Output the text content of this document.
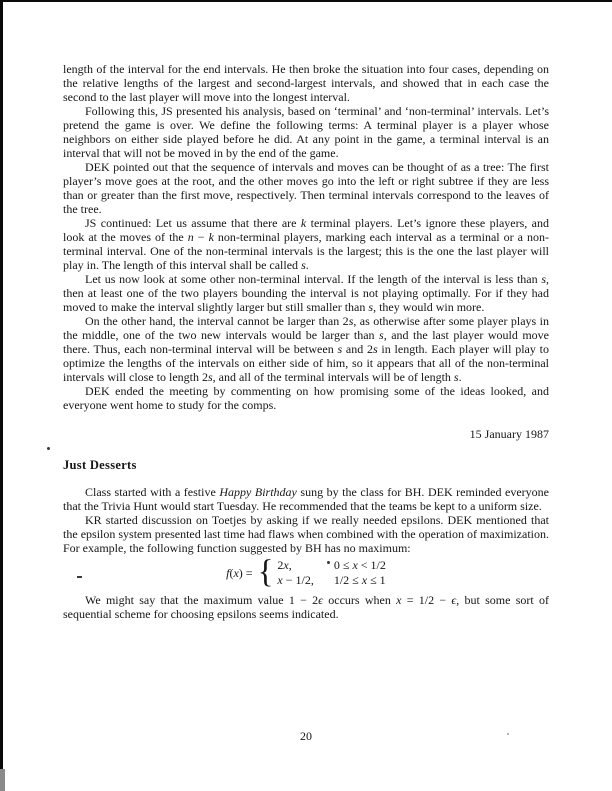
length of the interval for the end intervals. He then broke the situation into four cases, depending on the relative lengths of the largest and second-largest intervals, and showed that in each case the second to the last player will move into the longest interval.

Following this, JS presented his analysis, based on ‘terminal’ and ‘non-terminal’ intervals. Let’s pretend the game is over. We define the following terms: A terminal player is a player whose neighbors on either side played before he did. At any point in the game, a terminal interval is an interval that will not be moved in by the end of the game.

DEK pointed out that the sequence of intervals and moves can be thought of as a tree: The first player’s move goes at the root, and the other moves go into the left or right subtree if they are less than or greater than the first move, respectively. Then terminal intervals correspond to the leaves of the tree.

JS continued: Let us assume that there are k terminal players. Let’s ignore these players, and look at the moves of the n − k non-terminal players, marking each interval as a terminal or a non-terminal interval. One of the non-terminal intervals is the largest; this is the one the last player will play in. The length of this interval shall be called s.

Let us now look at some other non-terminal interval. If the length of the interval is less than s, then at least one of the two players bounding the interval is not playing optimally. For if they had moved to make the interval slightly larger but still smaller than s, they would win more.

On the other hand, the interval cannot be larger than 2s, as otherwise after some player plays in the middle, one of the two new intervals would be larger than s, and the last player would move there. Thus, each non-terminal interval will be between s and 2s in length. Each player will play to optimize the lengths of the intervals on either side of him, so it appears that all of the non-terminal intervals will close to length 2s, and all of the terminal intervals will be of length s.

DEK ended the meeting by commenting on how promising some of the ideas looked, and everyone went home to study for the comps.

15 January 1987
Just Desserts

Class started with a festive Happy Birthday sung by the class for BH. DEK reminded everyone that the Trivia Hunt would start Tuesday. He recommended that the teams be kept to a uniform size.

KR started discussion on Toetjes by asking if we really needed epsilons. DEK mentioned that the epsilon system presented last time had flaws when combined with the operation of maximization. For example, the following function suggested by BH has no maximum:

f(x) = { 2x,	0 ≤ x < 1/2
x − 1/2, 1/2 ≤ x ≤ 1

We might say that the maximum value 1 − 2ϵ occurs when x = 1/2 − ϵ, but some sort of sequential scheme for choosing epsilons seems indicated.

20
